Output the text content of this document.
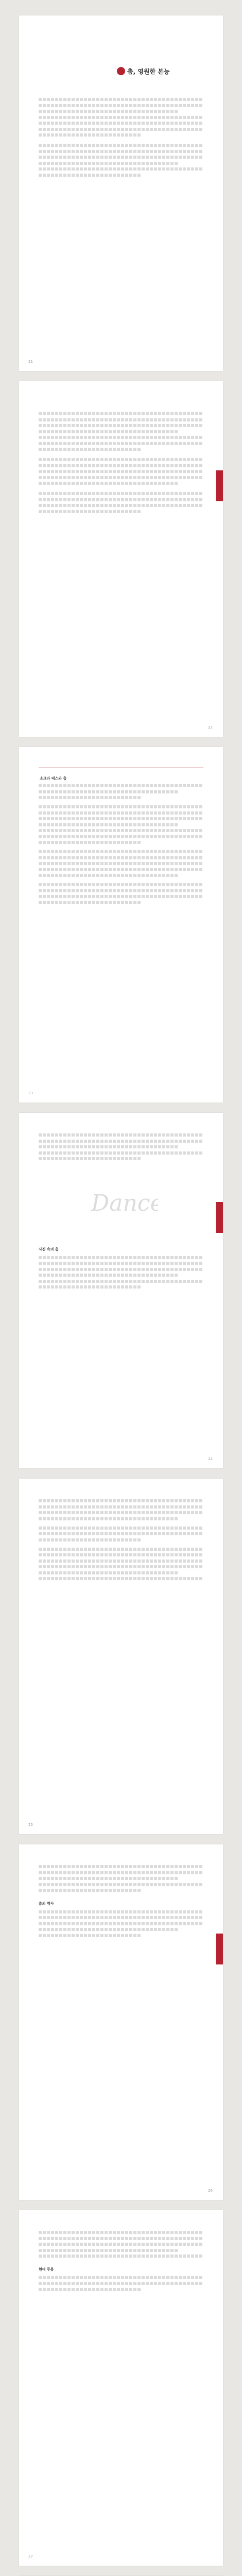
춤, 영원한 본능
21
22
소크라 테스와 춤
23
Dance
사진 속의 춤
24
25
춤의 역사
26
현대 무용
27
